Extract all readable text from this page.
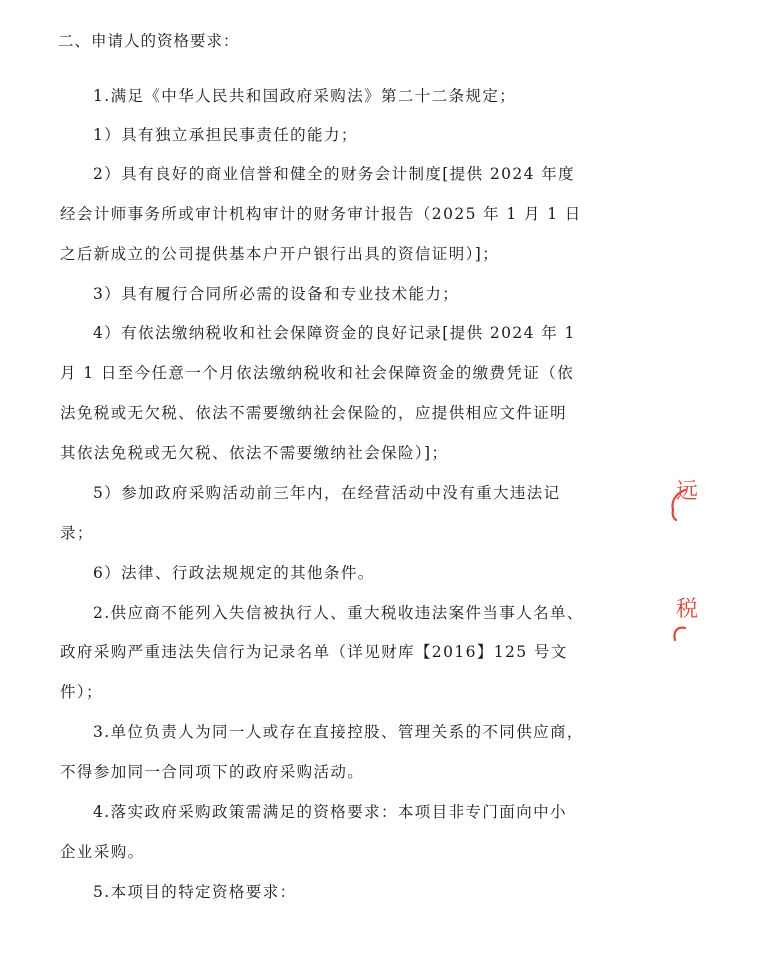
二、申请人的资格要求：
1.满足《中华人民共和国政府采购法》第二十二条规定；
1）具有独立承担民事责任的能力；
2）具有良好的商业信誉和健全的财务会计制度[提供 2024 年度
经会计师事务所或审计机构审计的财务审计报告（2025 年 1 月 1 日
之后新成立的公司提供基本户开户银行出具的资信证明）]；
3）具有履行合同所必需的设备和专业技术能力；
4）有依法缴纳税收和社会保障资金的良好记录[提供 2024 年 1
月 1 日至今任意一个月依法缴纳税收和社会保障资金的缴费凭证（依
法免税或无欠税、依法不需要缴纳社会保险的，应提供相应文件证明
其依法免税或无欠税、依法不需要缴纳社会保险）]；
5）参加政府采购活动前三年内，在经营活动中没有重大违法记
录；
6）法律、行政法规规定的其他条件。
2.供应商不能列入失信被执行人、重大税收违法案件当事人名单、
政府采购严重违法失信行为记录名单（详见财库【2016】125 号文
件）；
3.单位负责人为同一人或存在直接控股、管理关系的不同供应商，
不得参加同一合同项下的政府采购活动。
4.落实政府采购政策需满足的资格要求：本项目非专门面向中小
企业采购。
5.本项目的特定资格要求：
远
税
